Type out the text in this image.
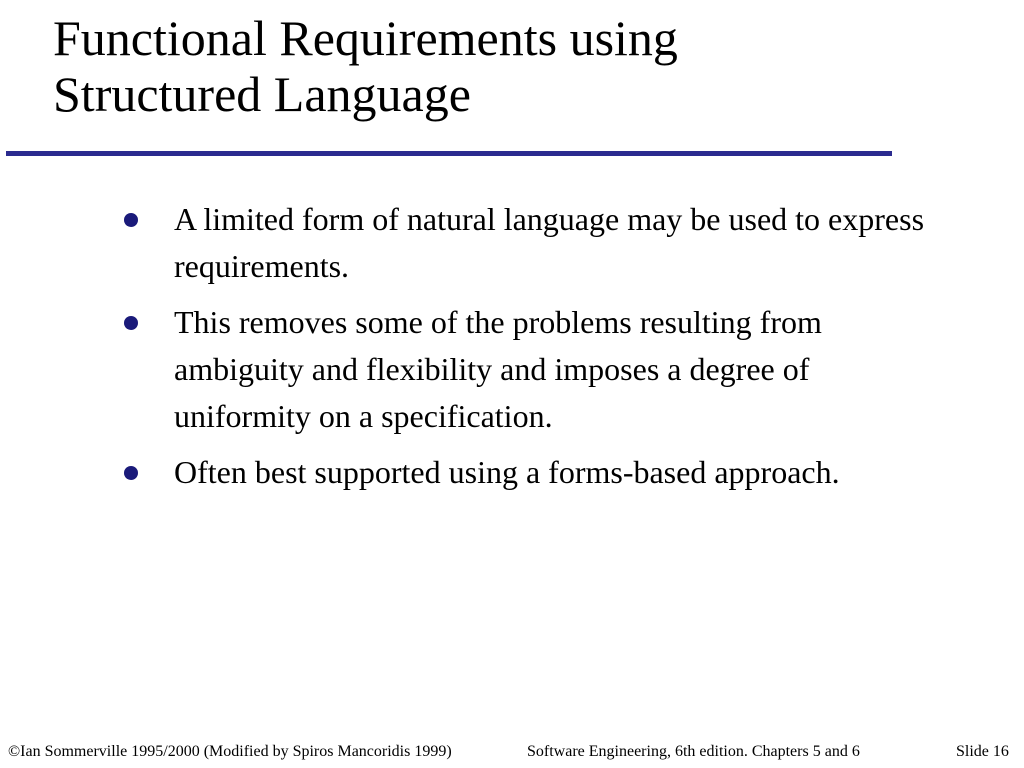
Functional Requirements using
Structured Language
A limited form of natural language may be used to express requirements.
This removes some of the problems resulting from ambiguity and flexibility and imposes a degree of uniformity on a specification.
Often best supported using a forms-based approach.
©Ian Sommerville 1995/2000 (Modified by Spiros Mancoridis 1999)	Software Engineering, 6th edition. Chapters 5 and 6	Slide 16
